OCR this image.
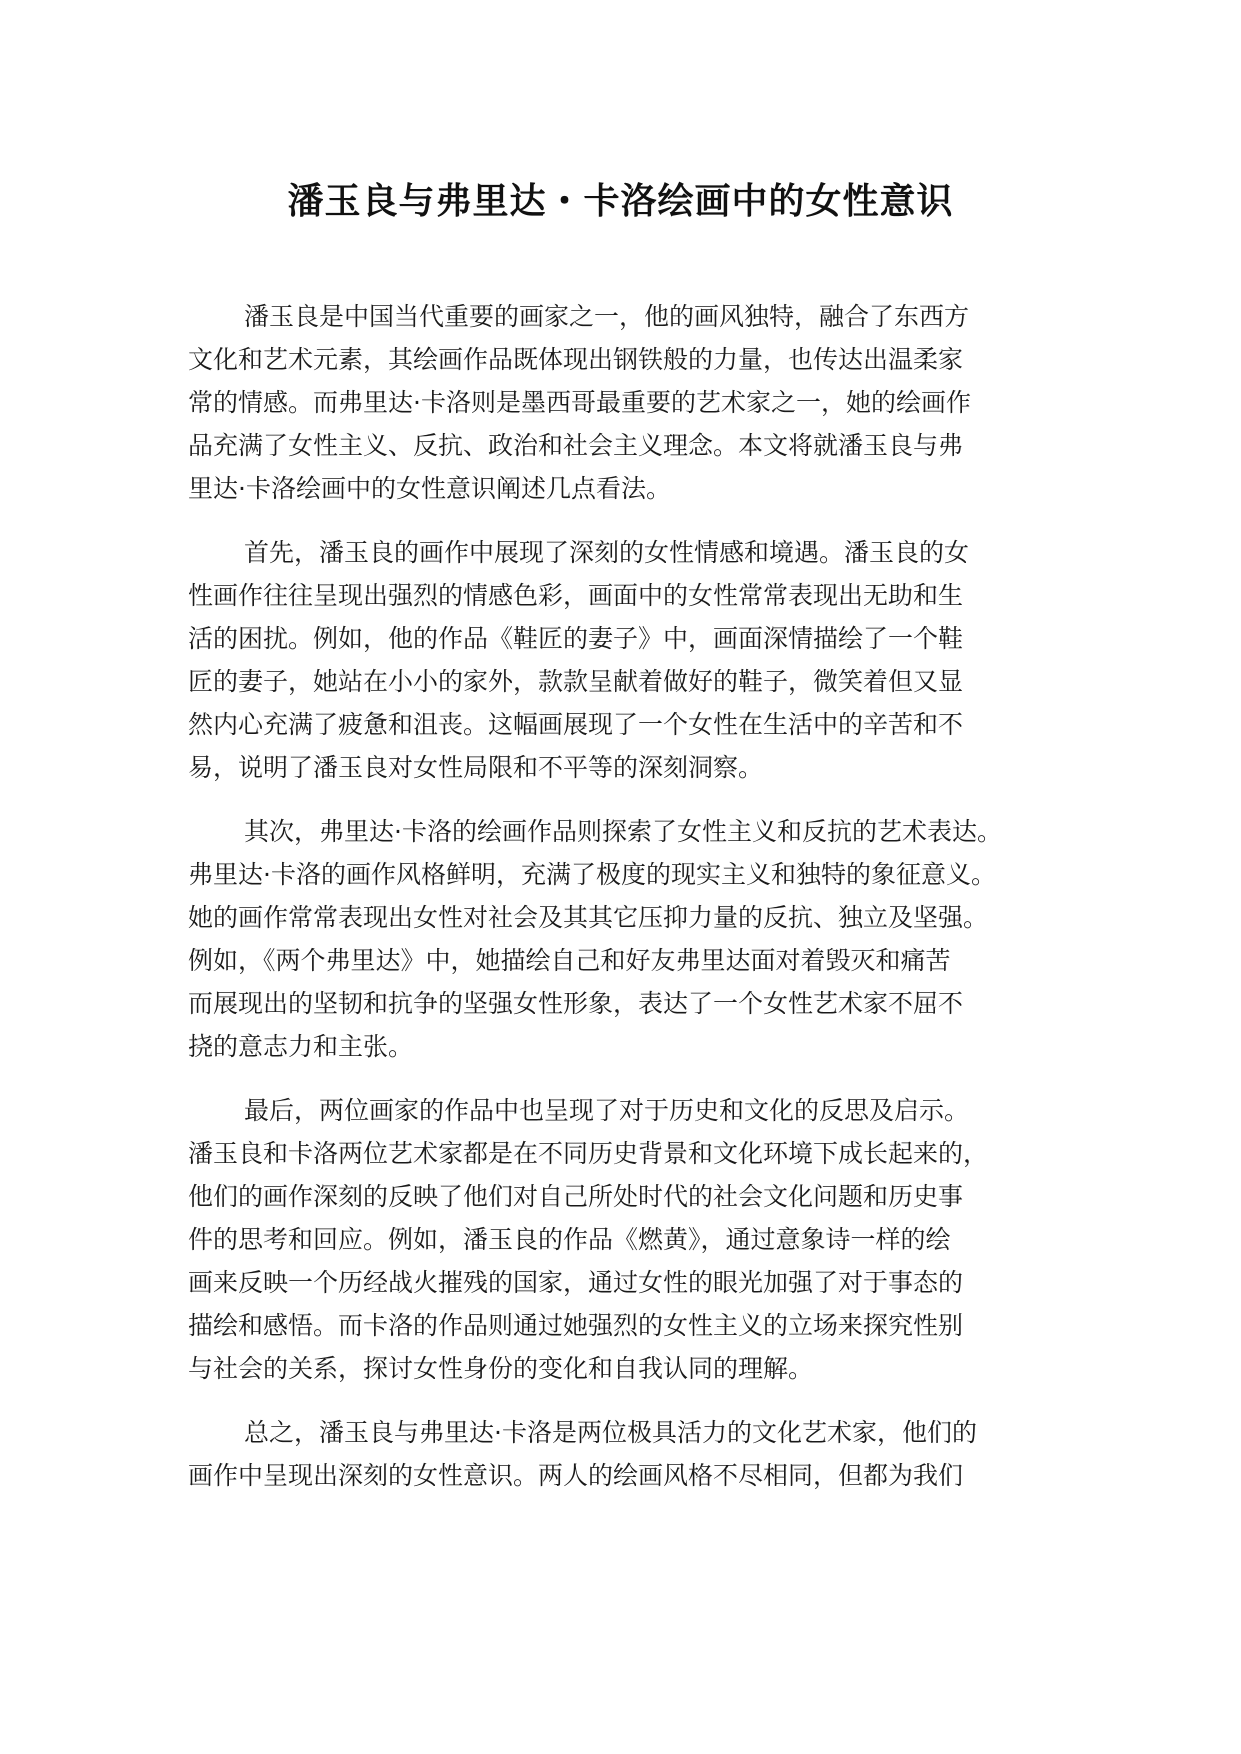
潘玉良与弗里达・卡洛绘画中的女性意识
潘玉良是中国当代重要的画家之一，他的画风独特，融合了东西方
文化和艺术元素，其绘画作品既体现出钢铁般的力量，也传达出温柔家
常的情感。而弗里达·卡洛则是墨西哥最重要的艺术家之一，她的绘画作
品充满了女性主义、反抗、政治和社会主义理念。本文将就潘玉良与弗
里达·卡洛绘画中的女性意识阐述几点看法。
首先，潘玉良的画作中展现了深刻的女性情感和境遇。潘玉良的女
性画作往往呈现出强烈的情感色彩，画面中的女性常常表现出无助和生
活的困扰。例如，他的作品《鞋匠的妻子》中，画面深情描绘了一个鞋
匠的妻子，她站在小小的家外，款款呈献着做好的鞋子，微笑着但又显
然内心充满了疲惫和沮丧。这幅画展现了一个女性在生活中的辛苦和不
易，说明了潘玉良对女性局限和不平等的深刻洞察。
其次，弗里达·卡洛的绘画作品则探索了女性主义和反抗的艺术表达。
弗里达·卡洛的画作风格鲜明，充满了极度的现实主义和独特的象征意义。
她的画作常常表现出女性对社会及其其它压抑力量的反抗、独立及坚强。
例如，《两个弗里达》中，她描绘自己和好友弗里达面对着毁灭和痛苦
而展现出的坚韧和抗争的坚强女性形象，表达了一个女性艺术家不屈不
挠的意志力和主张。
最后，两位画家的作品中也呈现了对于历史和文化的反思及启示。
潘玉良和卡洛两位艺术家都是在不同历史背景和文化环境下成长起来的，
他们的画作深刻的反映了他们对自己所处时代的社会文化问题和历史事
件的思考和回应。例如，潘玉良的作品《燃黄》，通过意象诗一样的绘
画来反映一个历经战火摧残的国家，通过女性的眼光加强了对于事态的
描绘和感悟。而卡洛的作品则通过她强烈的女性主义的立场来探究性别
与社会的关系，探讨女性身份的变化和自我认同的理解。
总之，潘玉良与弗里达·卡洛是两位极具活力的文化艺术家，他们的
画作中呈现出深刻的女性意识。两人的绘画风格不尽相同，但都为我们
